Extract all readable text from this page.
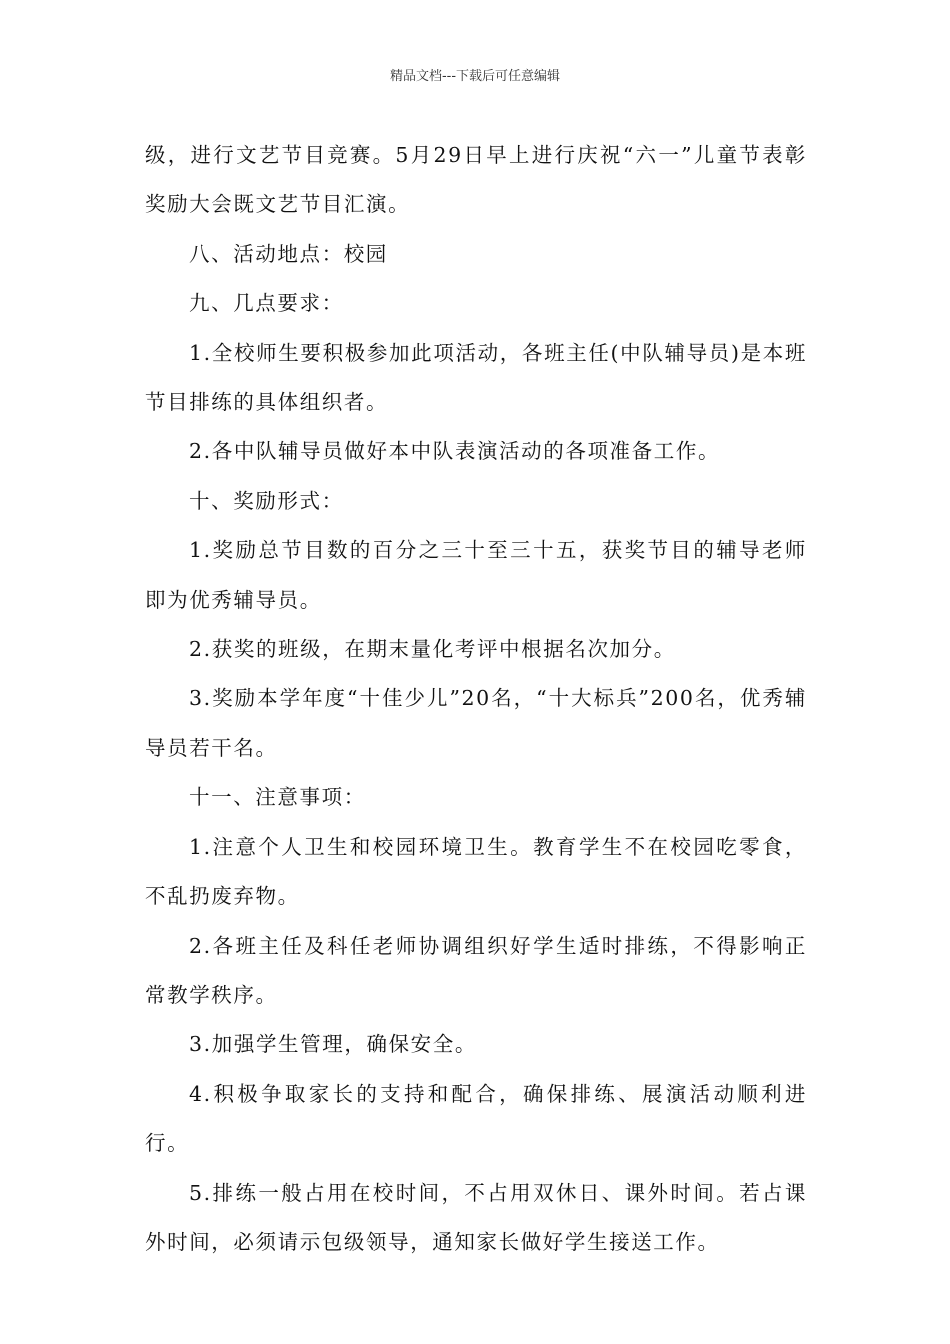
精品文档---下载后可任意编辑

级，进行文艺节目竞赛。5月29日早上进行庆祝“六一”儿童节表彰奖励大会既文艺节目汇演。

八、活动地点：校园

九、几点要求：

1.全校师生要积极参加此项活动，各班主任(中队辅导员)是本班节目排练的具体组织者。

2.各中队辅导员做好本中队表演活动的各项准备工作。

十、奖励形式：

1.奖励总节目数的百分之三十至三十五，获奖节目的辅导老师即为优秀辅导员。

2.获奖的班级，在期末量化考评中根据名次加分。

3.奖励本学年度“十佳少儿”20名，“十大标兵”200名，优秀辅导员若干名。

十一、注意事项：

1.注意个人卫生和校园环境卫生。教育学生不在校园吃零食，不乱扔废弃物。

2.各班主任及科任老师协调组织好学生适时排练，不得影响正常教学秩序。

3.加强学生管理，确保安全。

4.积极争取家长的支持和配合，确保排练、展演活动顺利进行。

5.排练一般占用在校时间，不占用双休日、课外时间。若占课外时间，必须请示包级领导，通知家长做好学生接送工作。
